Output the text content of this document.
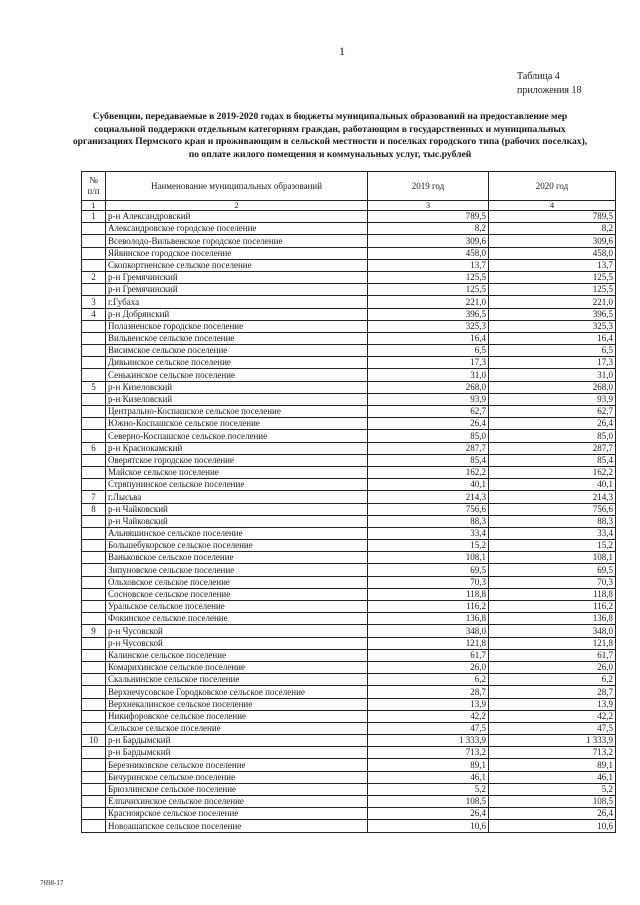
1
Таблица 4
приложения 18
Субвенции, передаваемые в 2019-2020 годах в бюджеты муниципальных образований на предоставление мер
социальной поддержки отдельным категориям граждан, работающим в государственных и муниципальных
организациях Пермского края и проживающим в сельской местности и поселках городского типа (рабочих поселках),
по оплате жилого помещения и коммунальных услуг, тыс.рублей
№
п/п	Наименование муниципальных образований	2019 год	2020 год
1	2	3	4
1	р-н Александровский	789,5	789,5
	Александровское городское поселение	8,2	8,2
	Всеволодо-Вильвенское городское поселение	309,6	309,6
	Яйвинское городское поселение	458,0	458,0
	Скопкортненское сельское поселение	13,7	13,7
2	р-н Гремячинский	125,5	125,5
	р-н Гремячинский	125,5	125,5
3	г.Губаха	221,0	221,0
4	р-н Добрянский	396,5	396,5
	Полазненское городское поселение	325,3	325,3
	Вильвенское сельское поселение	16,4	16,4
	Висимское сельское поселение	6,5	6,5
	Дивьинское сельское поселение	17,3	17,3
	Сенькинское сельское поселение	31,0	31,0
5	р-н Кизеловский	268,0	268,0
	р-н Кизеловский	93,9	93,9
	Центрально-Коспашское сельское поселение	62,7	62,7
	Южно-Коспашское сельское поселение	26,4	26,4
	Северно-Коспашское сельское поселение	85,0	85,0
6	р-н Краснокамский	287,7	287,7
	Оверятское городское поселение	85,4	85,4
	Майское сельское поселение	162,2	162,2
	Стряпунинское сельское поселение	40,1	40,1
7	г.Лысьва	214,3	214,3
8	р-н Чайковский	756,6	756,6
	р-н Чайковский	88,3	88,3
	Альняшинское сельское поселение	33,4	33,4
	Большебукорское сельское поселение	15,2	15,2
	Ваньковское сельское поселение	108,1	108,1
	Зипуновское сельское поселение	69,5	69,5
	Ольховское сельское поселение	70,3	70,3
	Сосновское сельское поселение	118,8	118,8
	Уральское сельское поселение	116,2	116,2
	Фокинское сельское поселение	136,8	136,8
9	р-н Чусовской	348,0	348,0
	р-н Чусовской	121,8	121,8
	Калинское сельское поселение	61,7	61,7
	Комарихинское сельское поселение	26,0	26,0
	Скальнинское сельское поселение	6,2	6,2
	Верхнечусовское Городковское сельское поселение	28,7	28,7
	Верхнекалинское сельское поселение	13,9	13,9
	Никифоровское сельское поселение	42,2	42,2
	Сельское сельское поселение	47,5	47,5
10	р-н Бардымский	1 333,9	1 333,9
	р-н Бардымский	713,2	713,2
	Березниковское сельское поселение	89,1	89,1
	Бичуринское сельское поселение	46,1	46,1
	Брюзлинское сельское поселение	5,2	5,2
	Елпачихинское сельское поселение	108,5	108,5
	Красноярское сельское поселение	26,4	26,4
	Новоашапское сельское поселение	10,6	10,6
7698-17
